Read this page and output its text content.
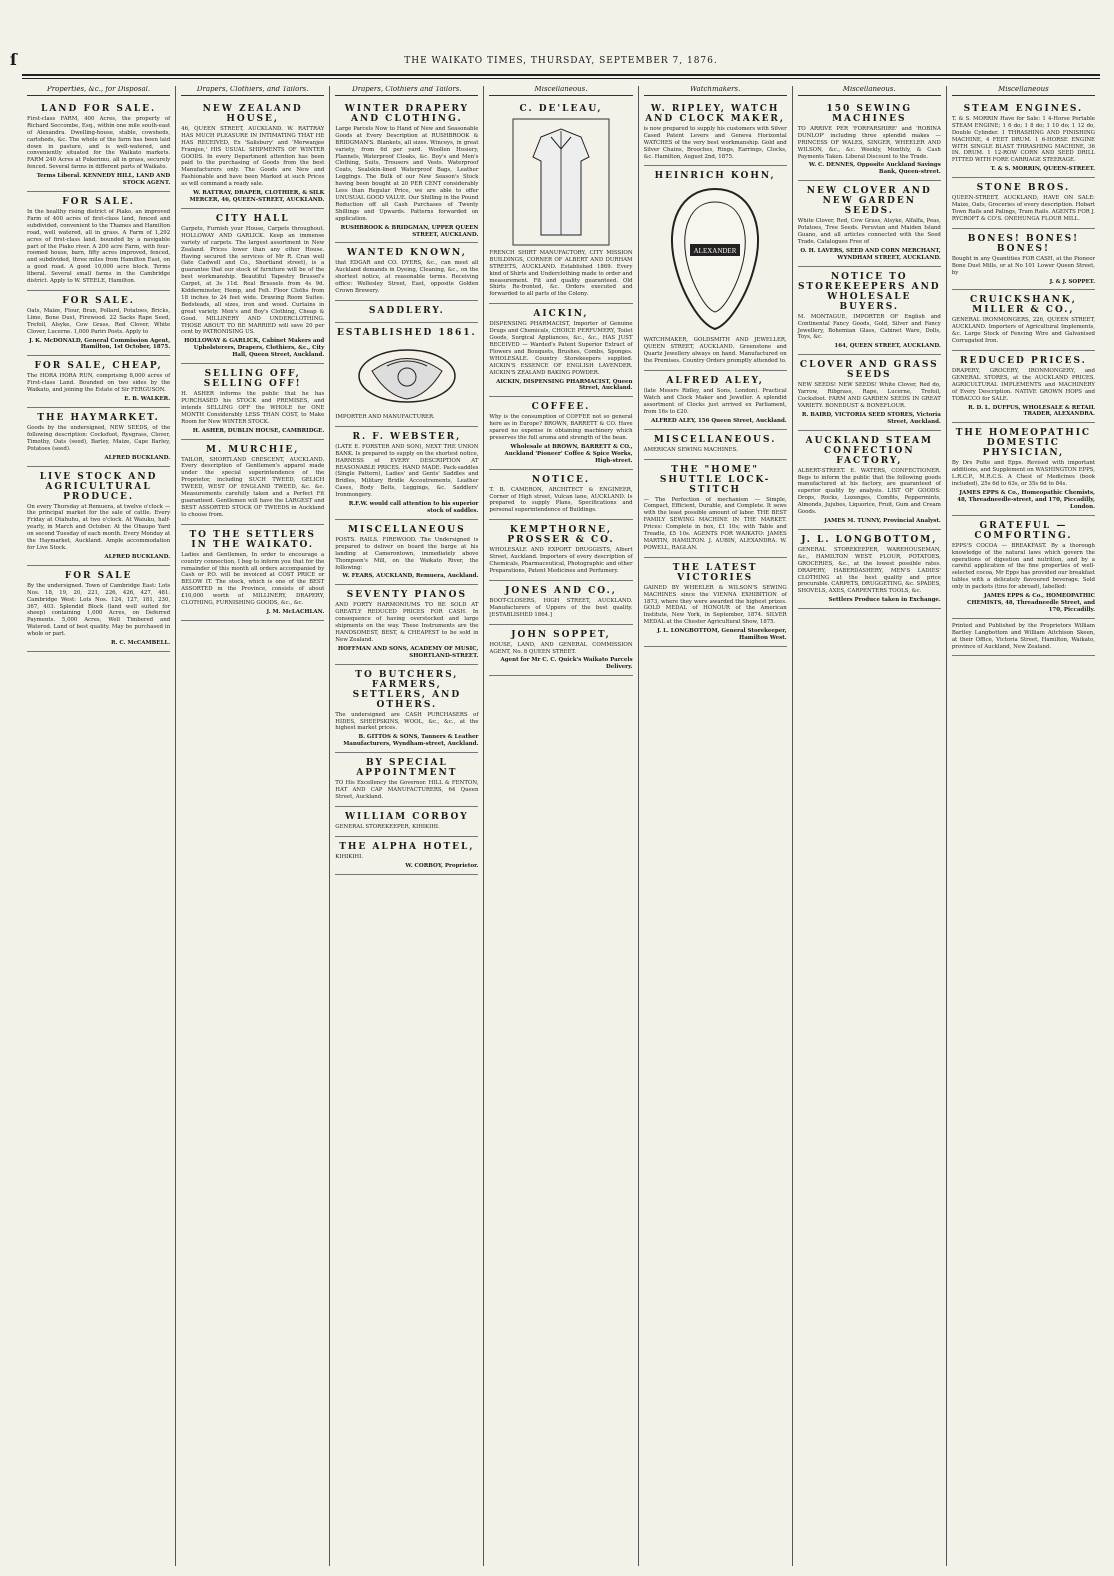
ſ	THE WAIKATO TIMES, THURSDAY, SEPTEMBER 7, 1876.
Properties, &c., for Disposal.
LAND FOR SALE.

First-class FARM, 400 Acres, the property of Richard Seccombe, Esq., within one mile south-east of Alexandra. Dwelling-house, stable, cowsheds, cartsheds, &c. The whole of the farm has been laid down in pasture, and is well-watered, and conveniently situated for the Waikato markets. FARM 240 Acres at Pukerimu, all in grass, securely fenced. Several farms in different parts of Waikato.

Terms Liberal. KENNEDY HILL, LAND AND STOCK AGENT.
FOR SALE.

In the healthy rising district of Piako, an improved Farm of 400 acres of first-class land, fenced and subdivided, convenient to the Thames and Hamilton road, well watered, all in grass. A Farm of 1,292 acres of first-class land, bounded by a navigable part of the Piako river. A 200 acre Farm, with four-roomed house, barn, fifty acres improved, fenced, and subdivided, three miles from Hamilton East, on a good road. A good 10,000 acre block. Terms liberal. Several small farms in the Cambridge district. Apply to W. STEELE, Hamilton.

FOR SALE.

Oats, Maize, Flour, Bran, Pollard, Potatoes, Bricks, Lime, Bone Dust, Firewood. 22 Sacks Rape Seed, Trefoil, Alsyke, Cow Grass, Red Clover, White Clover, Lucerne. 1,000 Pariri Posts. Apply to

J. K. McDONALD, General Commission Agent, Hamilton, 1st October, 1875.
FOR SALE, CHEAP,

The HORA HORA RUN, comprising 8,000 acres of First-class Land. Bounded on two sides by the Waikato, and joining the Estate of Sir FERGUSON.

E. B. WALKER.
THE HAYMARKET.

Goods by the undersigned, NEW SEEDS, of the following description: Cocksfoot, Ryegrass, Clover, Timothy, Oats (seed), Barley, Maize, Cape Barley, Potatoes (seed).

ALFRED BUCKLAND.
LIVE STOCK AND AGRICULTURAL PRODUCE.

On every Thursday at Remuera, at twelve o'clock — the principal market for the sale of cattle. Every Friday at Otahuhu, at two o'clock. At Waiuku, half-yearly, in March and October. At the Ohaupo Yard on second Tuesday of each month. Every Monday at the Haymarket, Auckland. Ample accommodation for Live Stock.

ALFRED BUCKLAND.
FOR SALE

By the undersigned. Town of Cambridge East: Lots Nos. 18, 19, 20, 221, 226, 426, 427, 481. Cambridge West: Lots Nos. 124, 127, 181, 230, 367, 403. Splendid Block (land well suited for sheep) containing 1,000 Acres, on Deferred Payments. 5,000 Acres, Well Timbered and Watered. Land of best quality. May be purchased in whole or part.

R. C. McCAMBELL.
Drapers, Clothiers, and Tailors.
NEW ZEALAND HOUSE,

46, QUEEN STREET, AUCKLAND. W. RATTRAY HAS MUCH PLEASURE IN INTIMATING THAT HE HAS RECEIVED, Ex 'Salisbury' and 'Merwanjee Framjee,' HIS USUAL SHIPMENTS OF WINTER GOODS. In every Department attention has been paid to the purchasing of Goods from the best Manufacturers only. The Goods are New and Fashionable and have been Marked at such Prices as will command a ready sale.

W. RATTRAY, DRAPER, CLOTHIER, & SILK MERCER, 46, QUEEN-STREET, AUCKLAND.
CITY HALL

Carpets, Furnish your House, Carpets throughout. HOLLOWAY AND GARLICK. Keep an immense variety of carpets. The largest assortment in New Zealand. Prices lower than any other House. Having secured the services of Mr R. Cran well (late Cadwell and Co., Shortland street), is a guarantee that our stock of furniture will be of the best workmanship. Beautiful Tapestry Brussel's Carpet, at 3s 11d. Real Brussels from 4s 9d. Kidderminster, Hemp, and Felt. Floor Cloths from 18 inches to 24 feet wide. Drawing Room Suites. Bedsteads, all sizes, iron and wood. Curtains in great variety. Men's and Boy's Clothing, Cheap & Good. MILLINERY AND UNDERCLOTHING. THOSE ABOUT TO BE MARRIED will save 20 per cent by PATRONISING US.

HOLLOWAY & GARLICK, Cabinet Makers and Upholsterers, Drapers, Clothiers, &c., City Hall, Queen Street, Auckland.
SELLING OFF, SELLING OFF!

H. ASHER informs the public that he has PURCHASED his STOCK and PREMISES, and intends SELLING OFF the WHOLE for ONE MONTH Considerably LESS THAN COST, to Make Room for New WINTER STOCK.

H. ASHER, DUBLIN HOUSE, CAMBRIDGE.
M. MURCHIE,

TAILOR, SHORTLAND CRESCENT, AUCKLAND. Every description of Gentlemen's apparel made under the special superintendence of the Proprietor, including SUCH TWEED, GELICH TWEED, WEST OF ENGLAND TWEED, &c. &c. Measurements carefully taken and a Perfect Fit guaranteed. Gentlemen will have the LARGEST and BEST ASSORTED STOCK OF TWEEDS in Auckland to choose from.

TO THE SETTLERS IN THE WAIKATO.

Ladies and Gentlemen, In order to encourage a country connection, I beg to inform you that for the remainder of this month all orders accompanied by Cash or P.O. will be invoiced at COST PRICE or BELOW IT. The stock, which is one of the BEST ASSORTED in the Province, consists of about £10,000 worth of MILLINERY, DRAPERY, CLOTHING, FURNISHING GOODS, &c., &c.

J. M. McLACHLAN.
Drapers, Clothiers and Tailors.
WINTER DRAPERY AND CLOTHING.

Large Parcels Now to Hand of New and Seasonable Goods at Every Description at RUSHBROOK & BRIDGMAN'S. Blankets, all sizes. Winceys, in great variety, from 6d per yard. Woollen Hosiery, Flannels, Waterproof Cloaks, &c. Boy's and Men's Clothing, Suits, Trousers and Vests. Waterproof Coats, Sealskin-lined Waterproof Bags, Leather Leggings. The Bulk of our New Season's Stock having been bought at 20 PER CENT considerably Less than Regular Price, we are able to offer UNUSUAL GOOD VALUE. Our Shilling in the Pound Reduction off all Cash Purchases of Twenty Shillings and Upwards. Patterns forwarded on application.

RUSHBROOK & BRIDGMAN, UPPER QUEEN STREET, AUCKLAND.
WANTED KNOWN,

that EDGAR and CO. DYERS, &c., can meet all Auckland demands in Dyeing, Cleaning, &c., on the shortest notice, at reasonable terms. Receiving office: Wellesley Street, East, opposite Golden Crown Brewery.

SADDLERY.
ESTABLISHED 1861.

IMPORTER AND MANUFACTURER.

R. F. WEBSTER,

(LATE E. FORSTER AND SON), NEXT THE UNION BANK. Is prepared to supply on the shortest notice, HARNESS of EVERY DESCRIPTION AT REASONABLE PRICES. HAND MADE. Pack-saddles (Single Pattern), Ladies' and Gents' Saddles and Bridles, Military Bridle Accoutrements, Leather Cases, Body Belts, Leggings, &c. Saddlers' Ironmongery.

R.F.W. would call attention to his superior stock of saddles.
MISCELLANEOUS

POSTS. RAILS. FIREWOOD. The Undersigned is prepared to deliver on board the barge at his landing at Camerontown, immediately above Thompson's Mill, on the Waikato River, the following:

W. FEARS, AUCKLAND, Remuera, Auckland.
SEVENTY PIANOS

AND FORTY HARMONIUMS TO BE SOLD AT GREATLY REDUCED PRICES FOR CASH. In consequence of having overstocked and large shipments on the way. These Instruments are the HANDSOMEST, BEST, & CHEAPEST to be sold in New Zealand.

HOFFMAN AND SONS, ACADEMY OF MUSIC, SHORTLAND-STREET.
TO BUTCHERS, FARMERS, SETTLERS, AND OTHERS.

The undersigned are CASH PURCHASERS of HIDES, SHEEPSKINS, WOOL, &c., &c., at the highest market prices.

B. GITTOS & SONS, Tanners & Leather Manufacturers, Wyndham-street, Auckland.
BY SPECIAL APPOINTMENT

TO His Excellency the Governor. HILL & FENTON, HAT AND CAP MANUFACTURERS, 64 Queen Street, Auckland.

WILLIAM CORBOY

GENERAL STOREKEEPER, KIHIKIHI.

THE ALPHA HOTEL,

KIHIKIHI.

W. CORBOY, Proprietor.
Miscellaneous.
C. DE'LEAU,

FRENCH SHIRT MANUFACTORY, CITY MISSION BUILDINGS, CORNER OF ALBERT AND DURHAM STREETS, AUCKLAND. Established 1869. Every kind of Shirts and Underclothing made to order and measurement. Fit and quality guaranteed. Old Shirts Re-fronted, &c. Orders executed and forwarded to all parts of the Colony.

AICKIN,

DISPENSING PHARMACIST, Importer of Genuine Drugs and Chemicals, CHOICE PERFUMERY, Toilet Goods, Surgical Appliances, &c., &c., HAS JUST RECEIVED — Warded's Patent Superior Extract of Flowers and Bouquets, Brushes, Combs, Sponges. WHOLESALE. Country Storekeepers supplied. AICKIN'S ESSENCE OF ENGLISH LAVENDER. AICKIN'S ZEALAND BAKING POWDER.

AICKIN, DISPENSING PHARMACIST, Queen Street, Auckland.
COFFEE.

Why is the consumption of COFFEE not so general here as in Europe? BROWN, BARRETT & CO. Have spared no expense in obtaining machinery which preserves the full aroma and strength of the bean.

Wholesale at BROWN, BARRETT & CO., Auckland 'Pioneer' Coffee & Spice Works, High-street.
NOTICE.

T. B. CAMERON, ARCHITECT & ENGINEER, Corner of High street, Vulcan lane, AUCKLAND. Is prepared to supply Plans, Specifications and personal superintendence of Buildings.

KEMPTHORNE, PROSSER & CO.

WHOLESALE AND EXPORT DRUGGISTS, Albert Street, Auckland. Importers of every description of Chemicals, Pharmaceutical, Photographic and other Preparations, Patent Medicines and Perfumery.

JONES AND CO.,

BOOT-CLOSERS, HIGH STREET, AUCKLAND. Manufacturers of Uppers of the best quality. [ESTABLISHED 1864.]

JOHN SOPPET,

HOUSE, LAND, AND GENERAL COMMISSION AGENT, No. 8 QUEEN STREET.

Agent for Mr C. C. Quick's Waikato Parcels Delivery.
Watchmakers.
W. RIPLEY, WATCH AND CLOCK MAKER,

is now prepared to supply his customers with Silver Cased Patent Levers and Geneva Horizontal WATCHES of the very best workmanship. Gold and Silver Chains, Brooches, Rings, Earrings, Clocks, &c. Hamilton, August 2nd, 1875.

HEINRICH KOHN,
ALEXANDER

WATCHMAKER, GOLDSMITH AND JEWELLER, QUEEN STREET, AUCKLAND. Greenstone and Quartz Jewellery always on hand. Manufactured on the Premises. Country Orders promptly attended to.

ALFRED ALEY,

(late Messrs Ridley, and Sons, London). Practical Watch and Clock Maker and Jeweller. A splendid assortment of Clocks just arrived ex Parliament, from 16s to £20.

ALFRED ALEY, 156 Queen Street, Auckland.
MISCELLANEOUS.

AMERICAN SEWING MACHINES.

THE "HOME" SHUTTLE LOCK-STITCH

— The Perfection of mechanism — Simple, Compact, Efficient, Durable, and Complete. It sews with the least possible amount of labor. THE BEST FAMILY SEWING MACHINE IN THE MARKET. Prices: Complete in box, £1 10s; with Table and Treadle, £5 10s. AGENTS FOR WAIKATO: JAMES MARTIN, HAMILTON. J. AUBIN, ALEXANDRA. W. POWELL, RAGLAN.

THE LATEST VICTORIES

GAINED BY WHEELER & WILSON'S SEWING MACHINES since the VIENNA EXHIBITION of 1873, where they were awarded the highest prizes. GOLD MEDAL of HONOUR of the American Institute, New York, in September, 1874. SILVER MEDAL at the Chester Agricultural Show, 1875.

J. L. LONGBOTTOM, General Storekeeper, Hamilton West.
Miscellaneous.
150 SEWING MACHINES

TO ARRIVE PER 'FORFARSHIRE' and 'ROBINA DUNLOP' including three splendid makes — PRINCESS OF WALES, SINGER, WHEELER AND WILSON, &c., &c. Weekly, Monthly, & Cash Payments Taken. Liberal Discount to the Trade.

W. C. DENNES, Opposite Auckland Savings Bank, Queen-street.
NEW CLOVER AND NEW GARDEN SEEDS.

White Clover, Red, Cow Grass, Alsyke, Alfalfa, Peas, Potatoes, Tree Seeds. Peruvian and Maiden Island Guano, and all articles connected with the Seed Trade. Catalogues Free of

O. H. LAVERS, SEED AND CORN MERCHANT, WYNDHAM STREET, AUCKLAND.
NOTICE TO STOREKEEPERS AND WHOLESALE BUYERS.

M. MONTAGUE, IMPORTER OF English and Continental Fancy Goods, Gold, Silver and Fancy Jewellery, Bohemian Glass, Cabinet Ware, Dolls, Toys, &c.

164, QUEEN STREET, AUCKLAND.
CLOVER AND GRASS SEEDS

NEW SEEDS! NEW SEEDS! White Clover, Red do, Yarrow, Ribgrass, Rape, Lucerne, Trefoil, Cocksfoot. FARM AND GARDEN SEEDS IN GREAT VARIETY. BONEDUST & BONEFLOUR.

R. BAIRD, VICTORIA SEED STORES, Victoria Street, Auckland.
AUCKLAND STEAM CONFECTION FACTORY,

ALBERT-STREET. E. WATERS, CONFECTIONER. Begs to inform the public that the following goods manufactured at his factory, are guaranteed of superior quality by analysis. LIST OF GOODS: Drops, Rocks, Lozenges, Comfits, Peppermints, Almonds, Jujubes, Liquorice, Fruit, Gum and Cream Goods.

JAMES M. TUNNY, Provincial Analyst.
J. L. LONGBOTTOM,

GENERAL STOREKEEPER, WAREHOUSEMAN, &c., HAMILTON WEST. FLOUR, POTATOES, GROCERIES, &c., at the lowest possible rates. DRAPERY, HABERDASHERY, MEN'S LADIES' CLOTHING at the best quality and price procurable. CARPETS, DRUGGETING, &c. SPADES, SHOVELS, AXES, CARPENTERS TOOLS, &c.

Settlers Produce taken in Exchange.
Miscellaneous
STEAM ENGINES.

T. & S. MORRIN Have for Sale: 1 4-Horse Portable STEAM ENGINE; 1 6 do; 1 8 do; 1 10 do; 1 12 do, Double Cylinder. 1 THRASHING AND FINISHING MACHINE, 4 FEET DRUM. 1 6-HORSE ENGINE WITH SINGLE BLAST THRASHING MACHINE, 36 IN. DRUM. 1 12-ROW CORN AND SEED DRILL FITTED WITH FORE CARRIAGE STEERAGE.

T. & S. MORRIN, QUEEN-STREET.
STONE BROS.

QUEEN-STREET, AUCKLAND, HAVE ON SALE: Maize, Oats, Groceries of every description. Hobart Town Rails and Palings, Tram Rails. AGENTS FOR J. RYCROFT & CO'S. ONEHUNGA FLOUR MILL.

BONES! BONES! BONES!

Bought in any Quantities FOR CASH, at the Pioneer Bone Dust Mills, or at No 101 Lower Queen Street, by

J. & J. SOPPET.
CRUICKSHANK, MILLER & CO.,

GENERAL IRONMONGERS, 226, QUEEN STREET, AUCKLAND. Importers of Agricultural Implements, &c. Large Stock of Fencing Wire and Galvanised Corrugated Iron.

REDUCED PRICES.

DRAPERY, GROCERY, IRONMONGERY, and GENERAL STORES, at the AUCKLAND PRICES. AGRICULTURAL IMPLEMENTS and MACHINERY of Every Description. NATIVE GROWN HOPS and TOBACCO for SALE.

R. D. L. DUFFUS, WHOLESALE & RETAIL TRADER, ALEXANDRA.
THE HOMEOPATHIC DOMESTIC PHYSICIAN,

By Drs Pulte and Epps. Revised with important additions, and Supplement on WASHINGTON EPPS, L.R.C.P., M.R.C.S. A Chest of Medicines (book included), 25s 6d to 63s, or 35s 6d to 84s.

JAMES EPPS & Co., Homeopathic Chemists, 48, Threadneedle-street, and 170, Piccadilly, London.
GRATEFUL — COMFORTING.

EPPS'S COCOA — BREAKFAST. By a thorough knowledge of the natural laws which govern the operations of digestion and nutrition, and by a careful application of the fine properties of well-selected cocoa, Mr Epps has provided our breakfast tables with a delicately flavoured beverage. Sold only in packets (tins for abroad), labelled:

JAMES EPPS & Co., HOMEOPATHIC CHEMISTS, 48, Threadneedle Street, and 170, Piccadilly.

Printed and Published by the Proprietors William Bartley Langbottom and William Aitchison Skeen, at their Office, Victoria Street, Hamilton, Waikato, province of Auckland, New Zealand.
